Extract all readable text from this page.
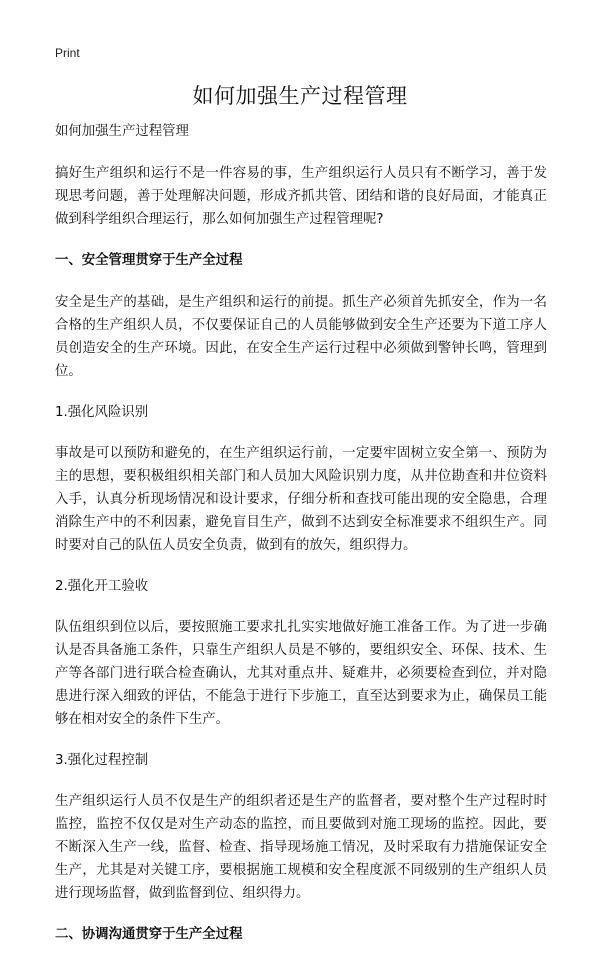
Print
如何加强生产过程管理

如何加强生产过程管理

搞好生产组织和运行不是一件容易的事，生产组织运行人员只有不断学习，善于发现思考问题，善于处理解决问题，形成齐抓共管、团结和谐的良好局面，才能真正做到科学组织合理运行，那么如何加强生产过程管理呢?

一、安全管理贯穿于生产全过程

安全是生产的基础，是生产组织和运行的前提。抓生产必须首先抓安全，作为一名合格的生产组织人员，不仅要保证自己的人员能够做到安全生产还要为下道工序人员创造安全的生产环境。因此，在安全生产运行过程中必须做到警钟长鸣，管理到位。

1.强化风险识别

事故是可以预防和避免的，在生产组织运行前，一定要牢固树立安全第一、预防为主的思想，要积极组织相关部门和人员加大风险识别力度，从井位勘查和井位资料入手，认真分析现场情况和设计要求，仔细分析和查找可能出现的安全隐患，合理消除生产中的不利因素，避免盲目生产，做到不达到安全标准要求不组织生产。同时要对自己的队伍人员安全负责，做到有的放矢，组织得力。

2.强化开工验收

队伍组织到位以后，要按照施工要求扎扎实实地做好施工准备工作。为了进一步确认是否具备施工条件，只靠生产组织人员是不够的，要组织安全、环保、技术、生产等各部门进行联合检查确认，尤其对重点井、疑难井，必须要检查到位，并对隐患进行深入细致的评估，不能急于进行下步施工，直至达到要求为止，确保员工能够在相对安全的条件下生产。

3.强化过程控制

生产组织运行人员不仅是生产的组织者还是生产的监督者，要对整个生产过程时时监控，监控不仅仅是对生产动态的监控，而且要做到对施工现场的监控。因此，要不断深入生产一线，监督、检查、指导现场施工情况，及时采取有力措施保证安全生产，尤其是对关键工序，要根据施工规模和安全程度派不同级别的生产组织人员进行现场监督，做到监督到位、组织得力。

二、协调沟通贯穿于生产全过程
